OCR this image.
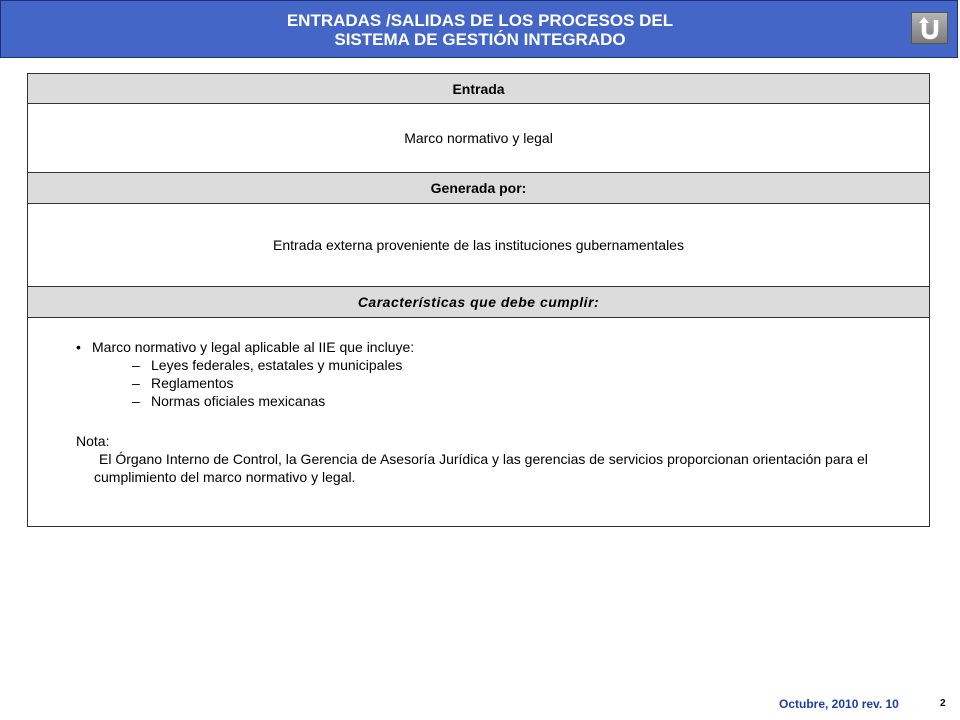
ENTRADAS /SALIDAS DE LOS PROCESOS DEL
SISTEMA DE GESTIÓN INTEGRADO
Entrada
Marco normativo y legal
Generada por:
Entrada externa proveniente de las instituciones gubernamentales
Características que debe cumplir:
• Marco normativo y legal aplicable al IIE que incluye:
– Leyes federales, estatales y municipales
– Reglamentos
– Normas oficiales mexicanas
Nota:
El Órgano Interno de Control, la Gerencia de Asesoría Jurídica y las gerencias de servicios proporcionan orientación para el cumplimiento del marco normativo y legal.
Octubre, 2010 rev. 10	2
